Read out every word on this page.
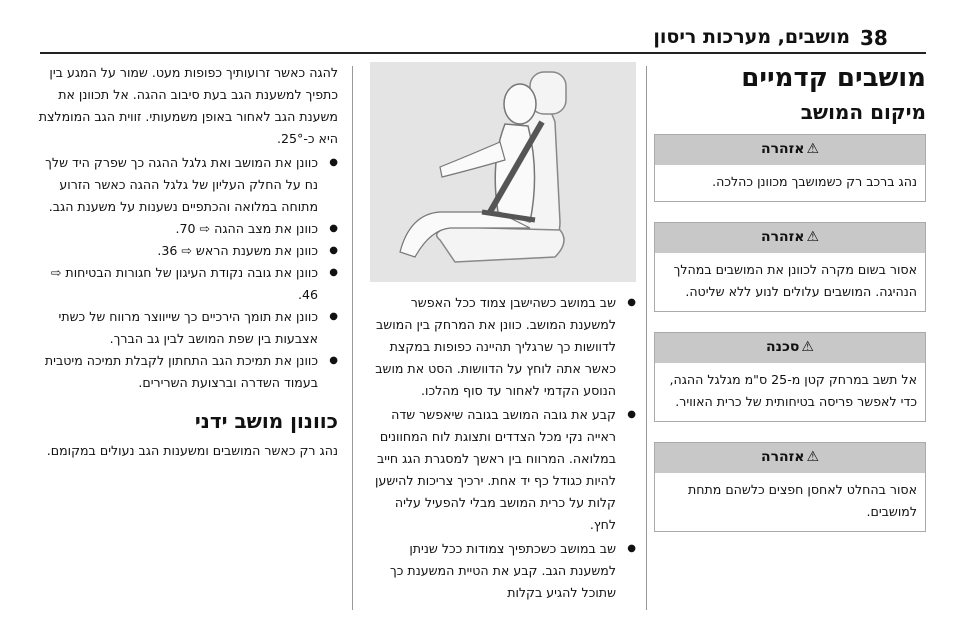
38
מושבים, מערכות ריסון
מושבים קדמיים
מיקום המושב
⚠אזהרה
נהג ברכב רק כשמושבך מכוונן כהלכה.
⚠אזהרה
אסור בשום מקרה לכוונן את המושבים במהלך הנהיגה. המושבים עלולים לנוע ללא שליטה.
⚠סכנה
אל תשב במרחק קטן מ-25 ס"מ מגלגל ההגה, כדי לאפשר פריסה בטיחותית של כרית האוויר.
⚠אזהרה
אסור בהחלט לאחסן חפצים כלשהם מתחת למושבים.
● שב במושב כשהישבן צמוד ככל האפשר למשענת המושב. כוונן את המרחק בין המושב לדוושות כך שרגליך תהיינה כפופות במקצת כאשר אתה לוחץ על הדוושות. הסט את מושב הנוסע הקדמי לאחור עד סוף מהלכו.
● קבע את גובה המושב בגובה שיאפשר שדה ראייה נקי מכל הצדדים ותצוגת לוח המחוונים במלואה. המרווח בין ראשך למסגרת הגג חייב להיות כגודל כף יד אחת. ירכיך צריכות להישען קלות על כרית המושב מבלי להפעיל עליה לחץ.
● שב במושב כשכתפיך צמודות ככל שניתן למשענת הגב. קבע את הטיית המשענת כך שתוכל להגיע בקלות

להגה כאשר זרועותיך כפופות מעט. שמור על המגע בין כתפיך למשענת הגב בעת סיבוב ההגה. אל תכוונן את משענת הגב לאחור באופן משמעותי. זווית הגב המומלצת היא כ-25°.

● כוונן את המושב ואת גלגל ההגה כך שפרק היד שלך נח על החלק העליון של גלגל ההגה כאשר הזרוע מתוחה במלואה והכתפיים נשענות על משענת הגב.
● כוונן את מצב ההגה ⇨ 70.
● כוונן את משענת הראש ⇨ 36.
● כוונן את גובה נקודת העיגון של חגורות הבטיחות ⇨ 46.
● כוונן את תומך הירכיים כך שייווצר מרווח של כשתי אצבעות בין שפת המושב לבין גב הברך.
● כוונן את תמיכת הגב התחתון לקבלת תמיכה מיטבית בעמוד השדרה וברצועת השרירים.
כוונון מושב ידני

נהג רק כאשר המושבים ומשענות הגב נעולים במקומם.
